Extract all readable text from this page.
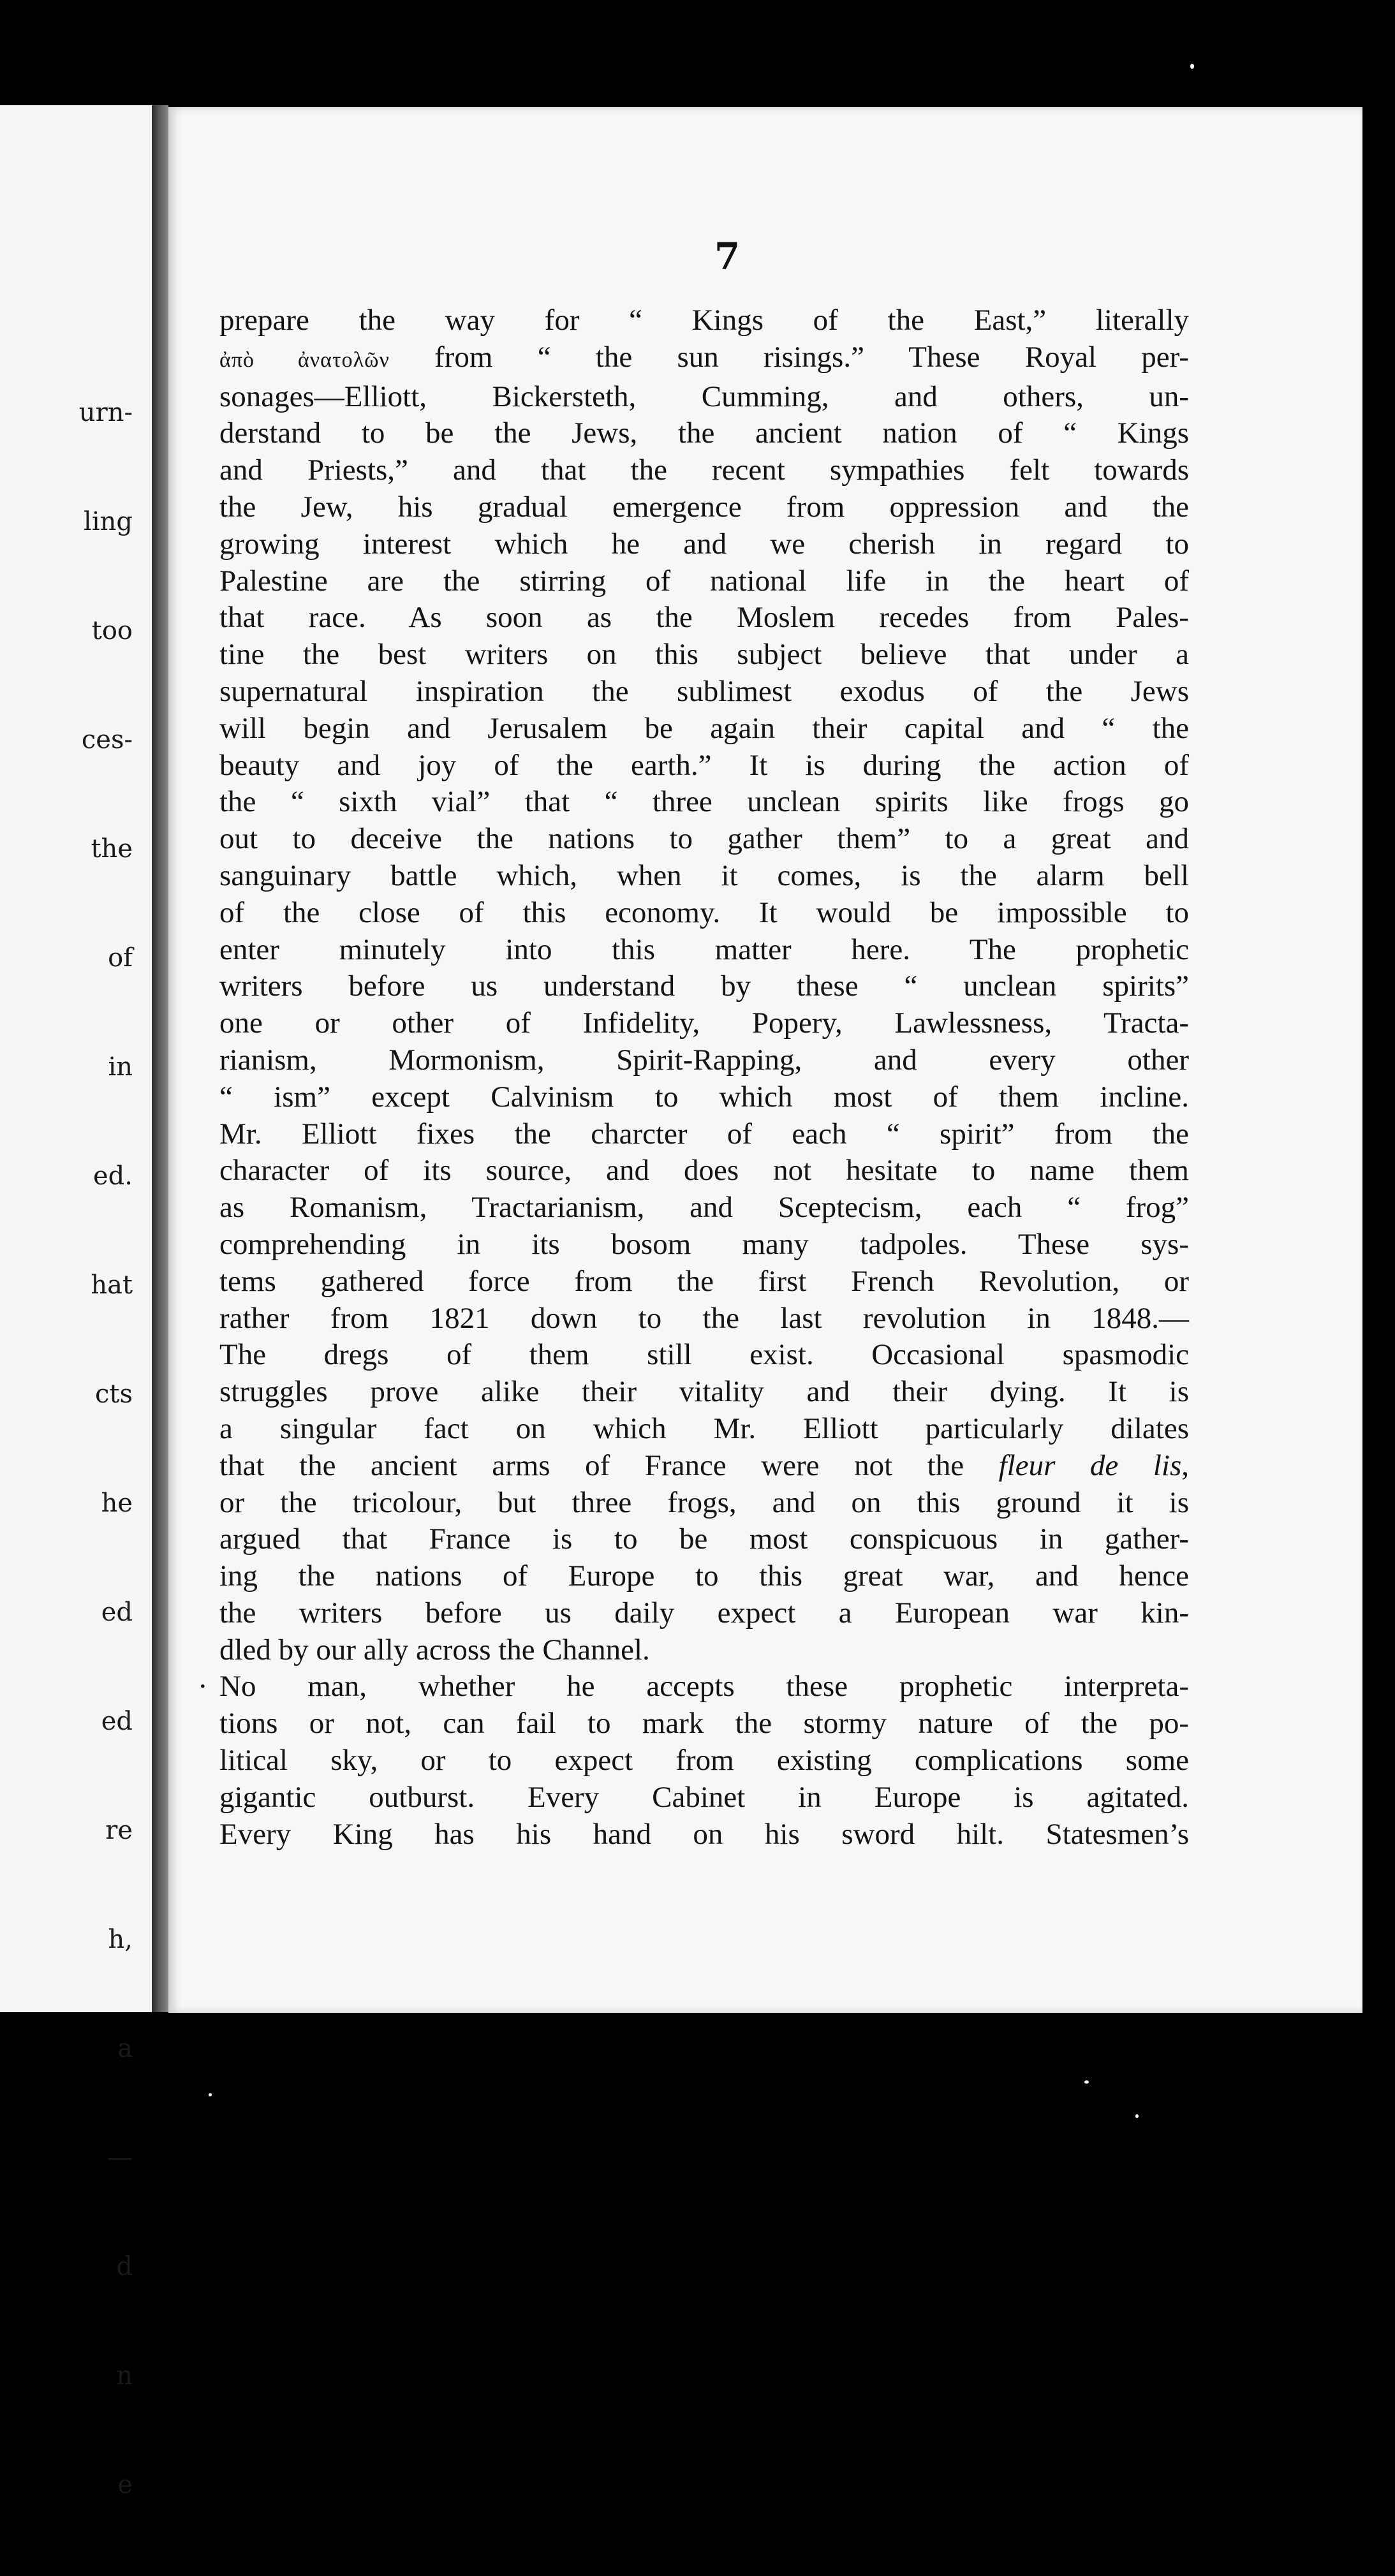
urn-

ling

too

ces-

the

of

in

ed.

hat

cts

he

ed

ed

re

h,

a

—

d

n

e

7
prepare the way for “ Kings of the East,” literally
ἀπὸ ἀνατολῶν from “ the sun risings.” These Royal per-
sonages—Elliott, Bickersteth, Cumming, and others, un-
derstand to be the Jews, the ancient nation of “ Kings
and Priests,” and that the recent sympathies felt towards
the Jew, his gradual emergence from oppression and the
growing interest which he and we cherish in regard to
Palestine are the stirring of national life in the heart of
that race. As soon as the Moslem recedes from Pales-
tine the best writers on this subject believe that under a
supernatural inspiration the sublimest exodus of the Jews
will begin and Jerusalem be again their capital and “ the
beauty and joy of the earth.” It is during the action of
the “ sixth vial” that “ three unclean spirits like frogs go
out to deceive the nations to gather them” to a great and
sanguinary battle which, when it comes, is the alarm bell
of the close of this economy. It would be impossible to
enter minutely into this matter here. The prophetic
writers before us understand by these “ unclean spirits”
one or other of Infidelity, Popery, Lawlessness, Tracta-
rianism, Mormonism, Spirit-Rapping, and every other
“ ism” except Calvinism to which most of them incline.
Mr. Elliott fixes the charcter of each “ spirit” from the
character of its source, and does not hesitate to name them
as Romanism, Tractarianism, and Sceptecism, each “ frog”
comprehending in its bosom many tadpoles. These sys-
tems gathered force from the first French Revolution, or
rather from 1821 down to the last revolution in 1848.—
The dregs of them still exist. Occasional spasmodic
struggles prove alike their vitality and their dying. It is
a singular fact on which Mr. Elliott particularly dilates
that the ancient arms of France were not the fleur de lis,
or the tricolour, but three frogs, and on this ground it is
argued that France is to be most conspicuous in gather-
ing the nations of Europe to this great war, and hence
the writers before us daily expect a European war kin-
dled by our ally across the Channel.
· No man, whether he accepts these prophetic interpreta-
tions or not, can fail to mark the stormy nature of the po-
litical sky, or to expect from existing complications some
gigantic outburst. Every Cabinet in Europe is agitated.
Every King has his hand on his sword hilt. Statesmen’s
